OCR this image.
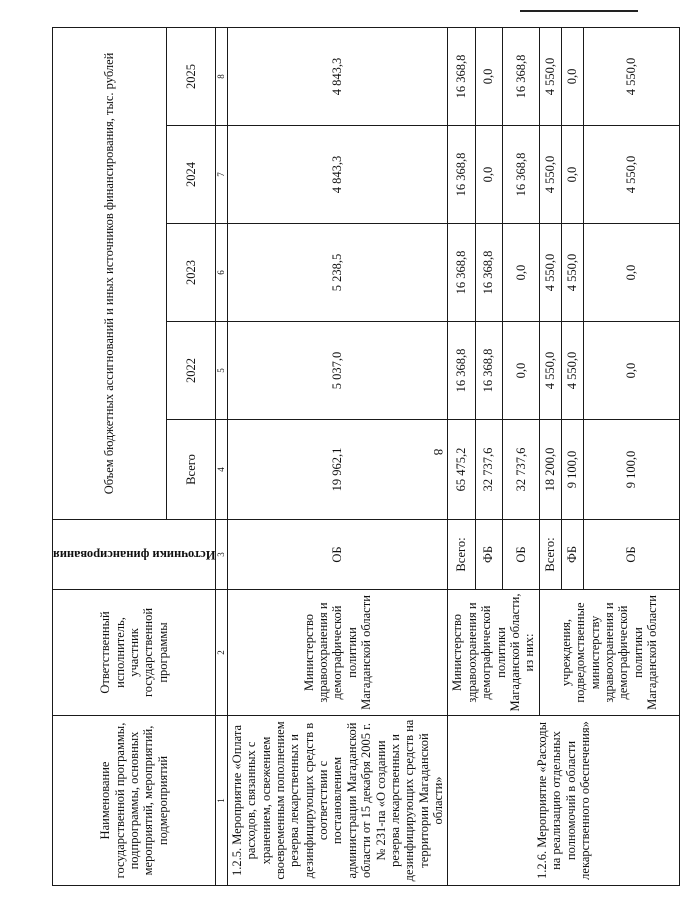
8
Наименование государственной программы, подпрограммы, основных мероприятий, мероприятий, подмероприятий	Ответственный исполнитель, участник государственной программы	Источники финансирования	Объем бюджетных ассигнований и иных источников финансирования, тыс. рублей				
			Всего	2022	2023	2024	2025
1	2	3	4	5	6	7	8
1.2.5. Мероприятие «Оплата расходов, связанных с хранением, освежением своевременным пополнением резерва лекарственных и дезинфицирующих средств в соответствии с постановлением администрации Магаданской области от 15 декабря 2005 г. № 231-па «О создании резерва лекарственных и дезинфицирующих средств на территории Магаданской области»	Министерство здравоохранения и демографической политики Магаданской области	ОБ	19 962,1	5 037,0	5 238,5	4 843,3	4 843,3
1.2.6. Мероприятие «Расходы на реализацию отдельных полномочий в области лекарственного обеспечения»	Министерство здравоохранения и демографической политики Магаданской области, из них:	Всего:	65 475,2	16 368,8	16 368,8	16 368,8	16 368,8
		ФБ	32 737,6	16 368,8	16 368,8	0,0	0,0
		ОБ	32 737,6	0,0	0,0	16 368,8	16 368,8
	учреждения, подведомственные министерству здравоохранения и демографической политики Магаданской области	Всего:	18 200,0	4 550,0	4 550,0	4 550,0	4 550,0
		ФБ	9 100,0	4 550,0	4 550,0	0,0	0,0
		ОБ	9 100,0	0,0	0,0	4 550,0	4 550,0
